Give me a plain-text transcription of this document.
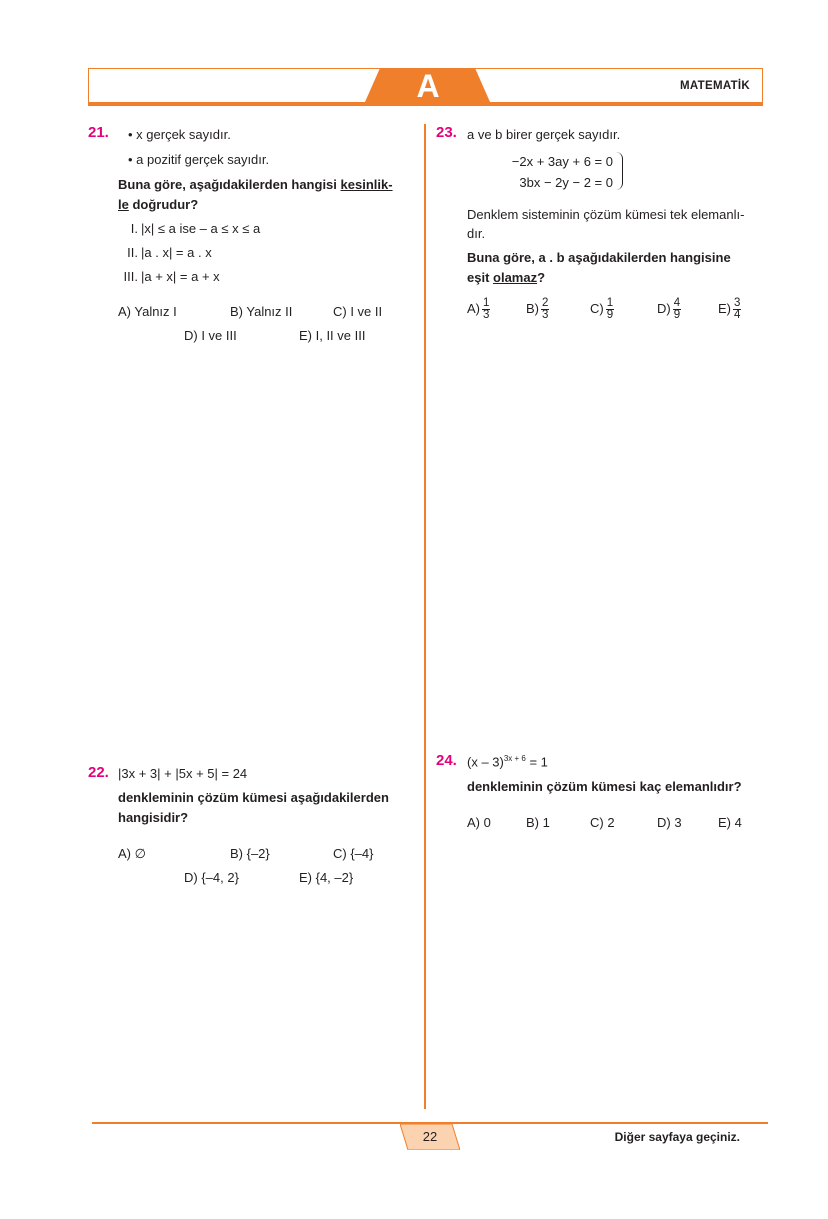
A	MATEMATİK
21. • x gerçek sayıdır.
• a pozitif gerçek sayıdır.
Buna göre, aşağıdakilerden hangisi kesinlik-
le doğrudur?
I. |x| ≤ a ise – a ≤ x ≤ a
II. |a . x| = a . x
III. |a + x| = a + x
A) Yalnız I	B) Yalnız II	C) I ve II
D) I ve III	E) I, II ve III
22. |3x + 3| + |5x + 5| = 24
denkleminin çözüm kümesi aşağıdakilerden
hangisidir?
A) ∅	B) {–2}	C) {–4}
D) {–4, 2}	E) {4, –2}
23. a ve b birer gerçek sayıdır.
−2x + 3ay + 6 = 0
3bx − 2y − 2 = 0
Denklem sisteminin çözüm kümesi tek elemanlı-
dır.
Buna göre, a . b aşağıdakilerden hangisine
eşit olamaz?
$A) \frac{1}{3}$	$B) \frac{2}{3}$	$C) \frac{1}{9}$	$D) \frac{4}{9}$	$E) \frac{3}{4}$
24. (x – 3)$^{3x + 6}$ = 1
denkleminin çözüm kümesi kaç elemanlıdır?
A) 0	B) 1	C) 2	D) 3	E) 4
22	Diğer sayfaya geçiniz.
